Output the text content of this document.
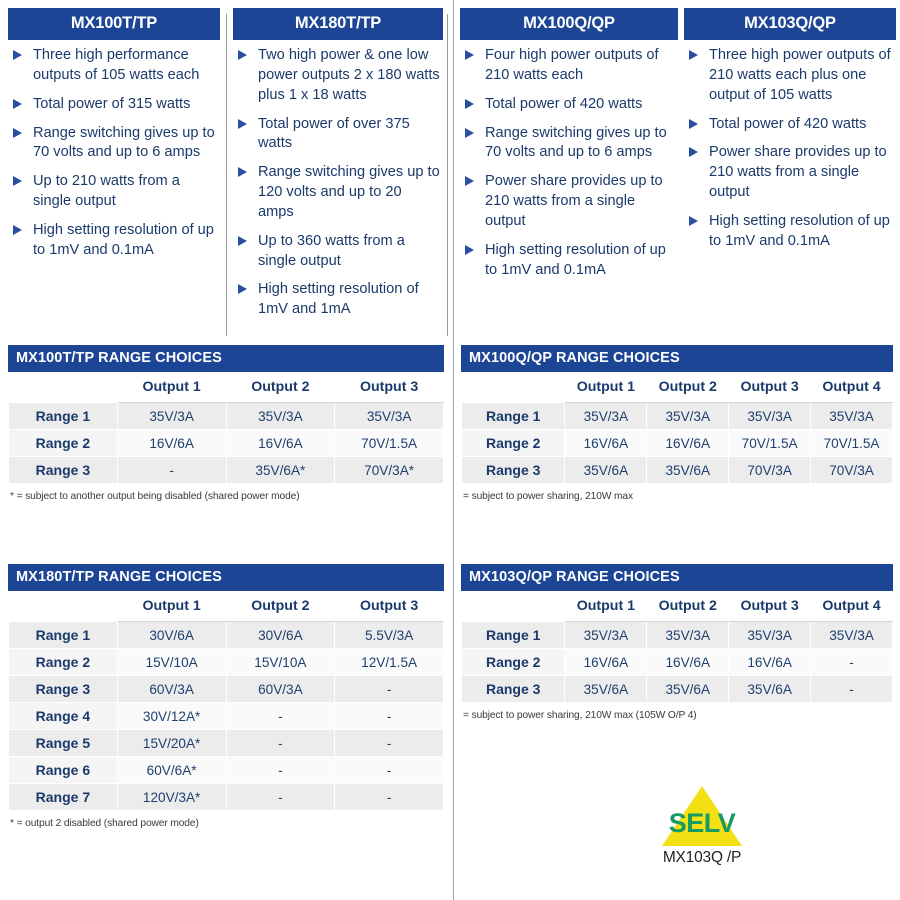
MX100T/TP
Three high performance outputs of 105 watts each
Total power of 315 watts
Range switching gives up to 70 volts and up to 6 amps
Up to 210 watts from a single output
High setting resolution of up to 1mV and 0.1mA
MX180T/TP
Two high power & one low power outputs 2 x 180 watts plus 1 x 18 watts
Total power of over 375 watts
Range switching gives up to 120 volts and up to 20 amps
Up to 360 watts from a single output
High setting resolution of 1mV and 1mA
MX100Q/QP
Four high power outputs of 210 watts each
Total power of 420 watts
Range switching gives up to 70 volts and up to 6 amps
Power share provides up to 210 watts from a single output
High setting resolution of up to 1mV and 0.1mA
MX103Q/QP
Three high power outputs of 210 watts each plus one output of 105 watts
Total power of 420 watts
Power share provides up to 210 watts from a single output
High setting resolution of up to 1mV and 0.1mA
MX100T/TP RANGE CHOICES
	Output 1	Output 2	Output 3
Range 1	35V/3A	35V/3A	35V/3A
Range 2	16V/6A	16V/6A	70V/1.5A
Range 3	-	35V/6A*	70V/3A*
* = subject to another output being disabled (shared power mode)
MX100Q/QP RANGE CHOICES
	Output 1	Output 2	Output 3	Output 4
Range 1	35V/3A	35V/3A	35V/3A	35V/3A
Range 2	16V/6A	16V/6A	70V/1.5A	70V/1.5A
Range 3	35V/6A	35V/6A	70V/3A	70V/3A
= subject to power sharing, 210W max
MX180T/TP RANGE CHOICES
	Output 1	Output 2	Output 3
Range 1	30V/6A	30V/6A	5.5V/3A
Range 2	15V/10A	15V/10A	12V/1.5A
Range 3	60V/3A	60V/3A	-
Range 4	30V/12A*	-	-
Range 5	15V/20A*	-	-
Range 6	60V/6A*	-	-
Range 7	120V/3A*	-	-
* = output 2 disabled (shared power mode)
MX103Q/QP RANGE CHOICES
	Output 1	Output 2	Output 3	Output 4
Range 1	35V/3A	35V/3A	35V/3A	35V/3A
Range 2	16V/6A	16V/6A	16V/6A	-
Range 3	35V/6A	35V/6A	35V/6A	-
= subject to power sharing, 210W max (105W O/P 4)
SELV
MX103Q /P
